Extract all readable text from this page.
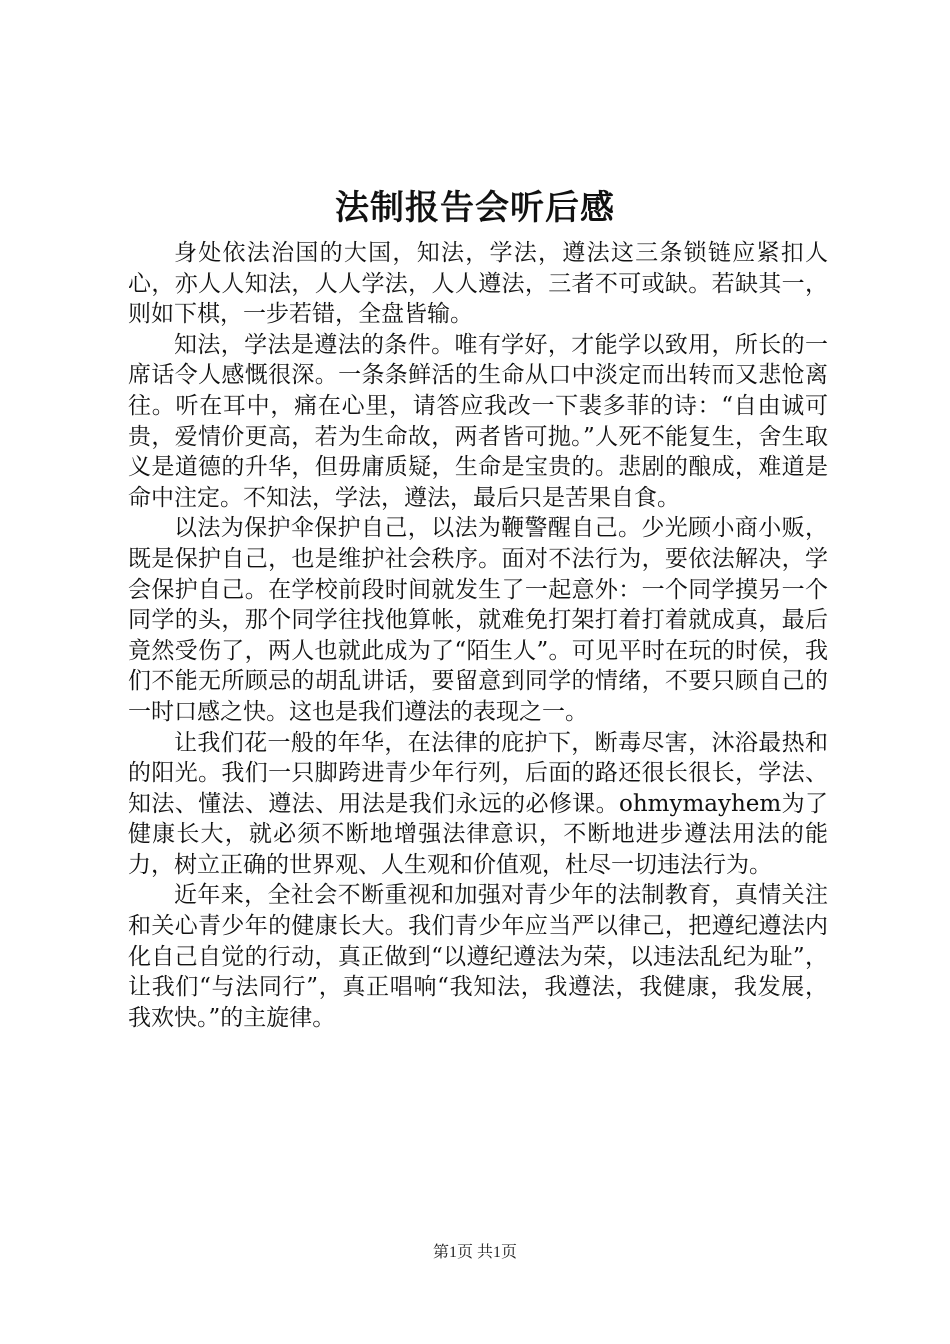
法制报告会听后感

身处依法治国的大国，知法，学法，遵法这三条锁链应紧扣人心，亦人人知法，人人学法，人人遵法，三者不可或缺。若缺其一，则如下棋，一步若错，全盘皆输。

知法，学法是遵法的条件。唯有学好，才能学以致用，所长的一席话令人感慨很深。一条条鲜活的生命从口中淡定而出转而又悲怆离往。听在耳中，痛在心里，请答应我改一下裴多菲的诗：“自由诚可贵，爱情价更高，若为生命故，两者皆可抛。”人死不能复生，舍生取义是道德的升华，但毋庸质疑，生命是宝贵的。悲剧的酿成，难道是命中注定。不知法，学法，遵法，最后只是苦果自食。

以法为保护伞保护自己，以法为鞭警醒自己。少光顾小商小贩，既是保护自己，也是维护社会秩序。面对不法行为，要依法解决，学会保护自己。在学校前段时间就发生了一起意外：一个同学摸另一个同学的头，那个同学往找他算帐，就难免打架打着打着就成真，最后竟然受伤了，两人也就此成为了“陌生人”。可见平时在玩的时侯，我们不能无所顾忌的胡乱讲话，要留意到同学的情绪，不要只顾自己的一时口感之快。这也是我们遵法的表现之一。

让我们花一般的年华，在法律的庇护下，断毒尽害，沐浴最热和的阳光。我们一只脚跨进青少年行列，后面的路还很长很长，学法、知法、懂法、遵法、用法是我们永远的必修课。ohmymayhem为了健康长大，就必须不断地增强法律意识，不断地进步遵法用法的能力，树立正确的世界观、人生观和价值观，杜尽一切违法行为。

近年来，全社会不断重视和加强对青少年的法制教育，真情关注和关心青少年的健康长大。我们青少年应当严以律己，把遵纪遵法内化自己自觉的行动，真正做到“以遵纪遵法为荣，以违法乱纪为耻”，让我们“与法同行”，真正唱响“我知法，我遵法，我健康，我发展，我欢快。”的主旋律。

第1页 共1页
